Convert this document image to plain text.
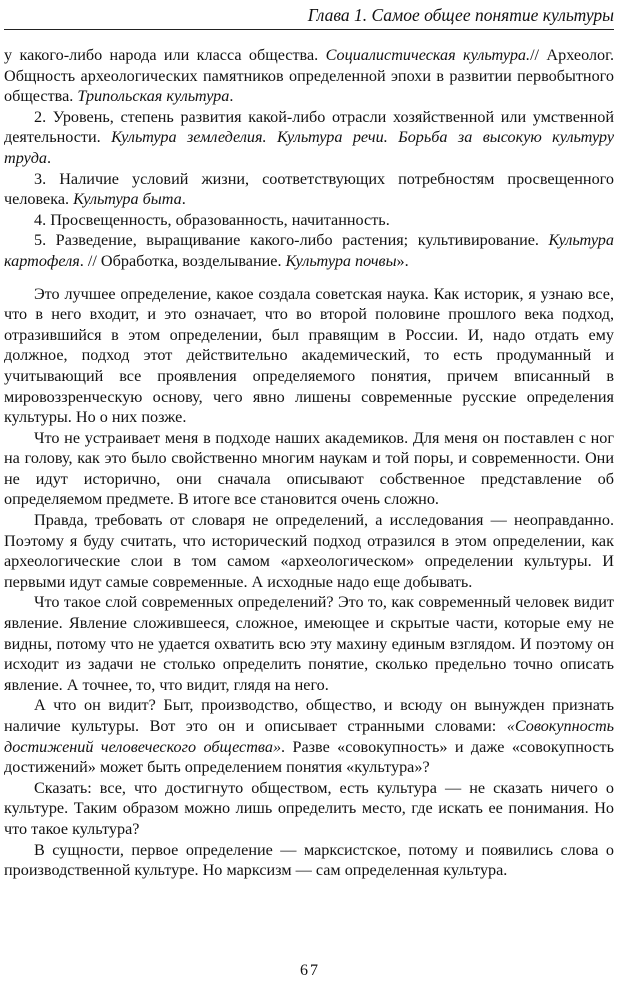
Глава 1. Самое общее понятие культуры

у какого-либо народа или класса общества. Социалистическая культура.// Археолог. Общность археологических памятников определенной эпохи в развитии первобытного общества. Трипольская культура.

2. Уровень, степень развития какой-либо отрасли хозяйственной или умственной деятельности. Культура земледелия. Культура речи. Борьба за высокую культуру труда.

3. Наличие условий жизни, соответствующих потребностям просвещенного человека. Культура быта.

4. Просвещенность, образованность, начитанность.

5. Разведение, выращивание какого-либо растения; культивирование. Культура картофеля. // Обработка, возделывание. Культура почвы».

Это лучшее определение, какое создала советская наука. Как историк, я узнаю все, что в него входит, и это означает, что во второй половине прошлого века подход, отразившийся в этом определении, был правящим в России. И, надо отдать ему должное, подход этот действительно академический, то есть продуманный и учитывающий все проявления определяемого понятия, причем вписанный в мировоззренческую основу, чего явно лишены современные русские определения культуры. Но о них позже.

Что не устраивает меня в подходе наших академиков. Для меня он поставлен с ног на голову, как это было свойственно многим наукам и той поры, и современности. Они не идут исторично, они сначала описывают собственное представление об определяемом предмете. В итоге все становится очень сложно.

Правда, требовать от словаря не определений, а исследования — неоправданно. Поэтому я буду считать, что исторический подход отразился в этом определении, как археологические слои в том самом «археологическом» определении культуры. И первыми идут самые современные. А исходные надо еще добывать.

Что такое слой современных определений? Это то, как современный человек видит явление. Явление сложившееся, сложное, имеющее и скрытые части, которые ему не видны, потому что не удается охватить всю эту махину единым взглядом. И поэтому он исходит из задачи не столько определить понятие, сколько предельно точно описать явление. А точнее, то, что видит, глядя на него.

А что он видит? Быт, производство, общество, и всюду он вынужден признать наличие культуры. Вот это он и описывает странными словами: «Совокупность достижений человеческого общества». Разве «совокупность» и даже «совокупность достижений» может быть определением понятия «культура»?

Сказать: все, что достигнуто обществом, есть культура — не сказать ничего о культуре. Таким образом можно лишь определить место, где искать ее понимания. Но что такое культура?

В сущности, первое определение — марксистское, потому и появились слова о производственной культуре. Но марксизм — сам определенная культура.

67
